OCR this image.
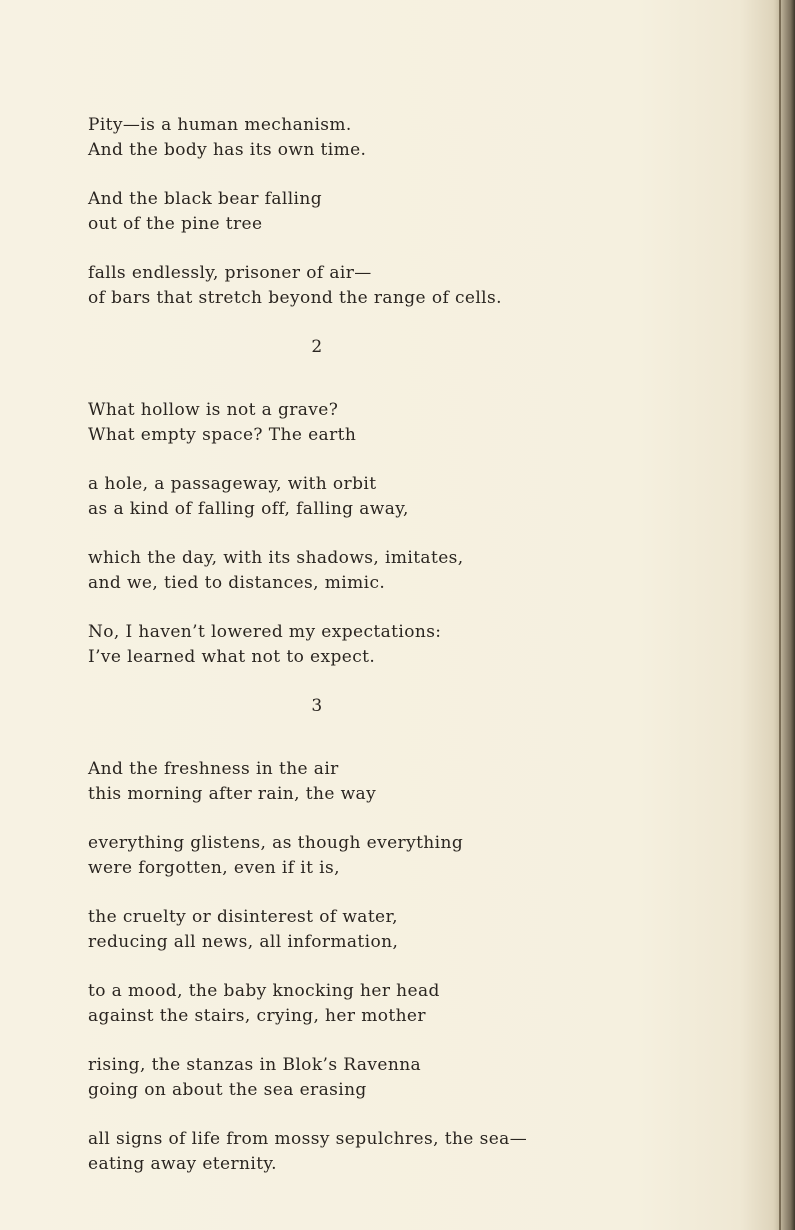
Pity—is a human mechanism.
And the body has its own time.
And the black bear falling
out of the pine tree
falls endlessly, prisoner of air—
of bars that stretch beyond the range of cells.
2
What hollow is not a grave?
What empty space? The earth
a hole, a passageway, with orbit
as a kind of falling off, falling away,
which the day, with its shadows, imitates,
and we, tied to distances, mimic.
No, I haven’t lowered my expectations:
I’ve learned what not to expect.
3
And the freshness in the air
this morning after rain, the way
everything glistens, as though everything
were forgotten, even if it is,
the cruelty or disinterest of water,
reducing all news, all information,
to a mood, the baby knocking her head
against the stairs, crying, her mother
rising, the stanzas in Blok’s Ravenna
going on about the sea erasing
all signs of life from mossy sepulchres, the sea—
eating away eternity.
